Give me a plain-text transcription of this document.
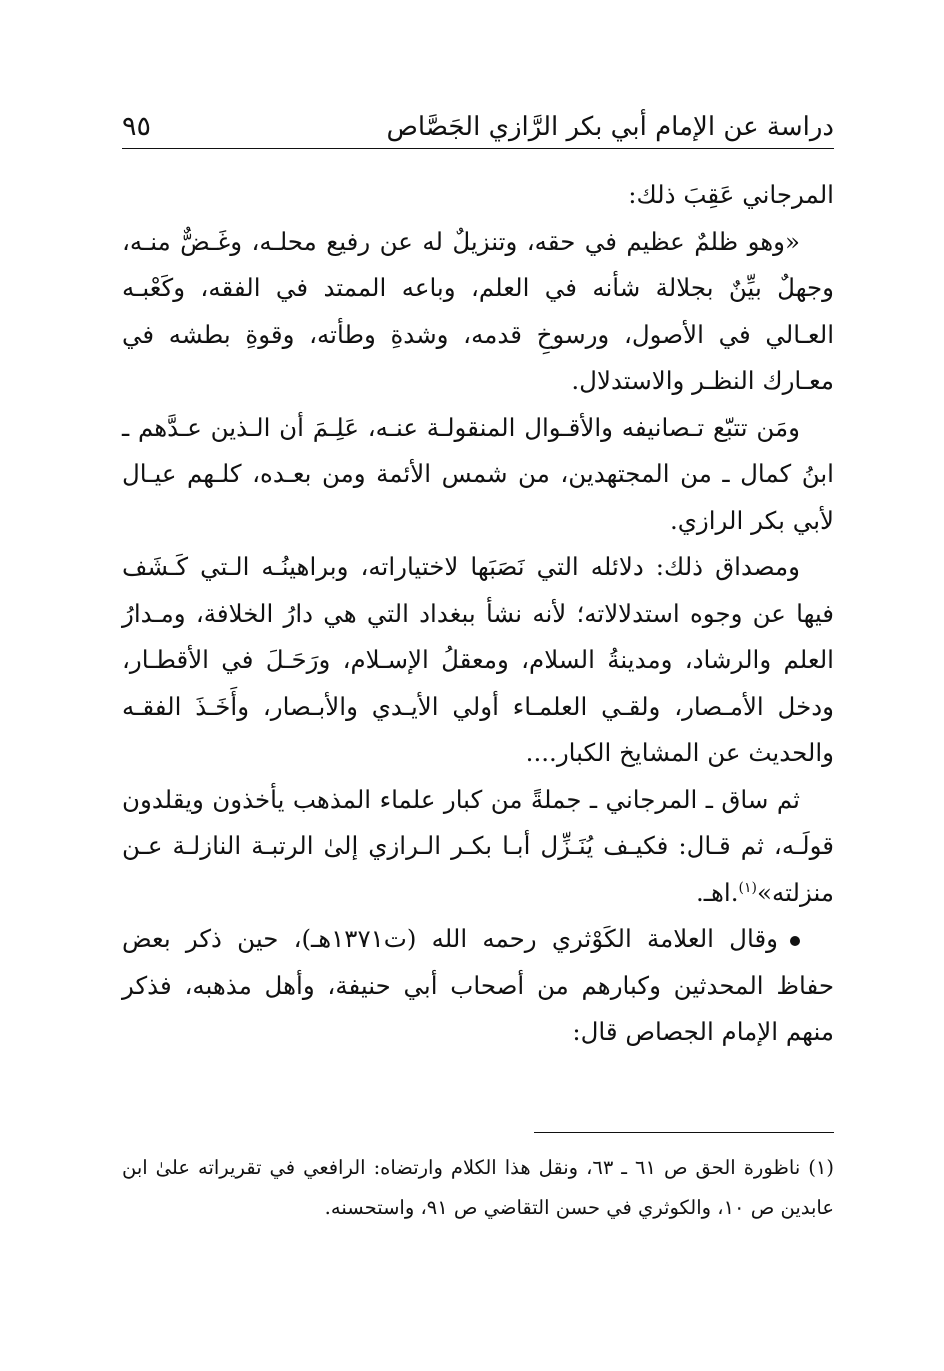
دراسة عن الإمام أبي بكر الرَّازي الجَصَّاص
٩٥

المرجاني عَقِبَ ذلك:

«وهو ظلمٌ عظيم في حقه، وتنزيلٌ له عن رفيع محلـه، وغَـضٌّ منـه، وجهلٌ بيِّنٌ بجلالة شأنه في العلم، وباعه الممتد في الفقه، وكَعْبـه العـالي في الأصول، ورسوخِ قدمه، وشدةِ وطأته، وقوةِ بطشه في معـارك النظـر والاستدلال.

ومَن تتبّع تـصانيفه والأقـوال المنقولـة عنـه، عَلِـمَ أن الـذين عـدَّهم ـ ابنُ كمال ـ من المجتهدين، من شمس الأئمة ومن بعـده، كلـهم عيـال لأبي بكر الرازي.

ومصداق ذلك: دلائله التي نَصَبَها لاختياراته، وبراهينُـه الـتي كَـشَف فيها عن وجوه استدلالاته؛ لأنه نشأ ببغداد التي هي دارُ الخلافة، ومـدارُ العلم والرشاد، ومدينةُ السلام، ومعقلُ الإسـلام، ورَحَـلَ في الأقطـار، ودخل الأمـصار، ولقـي العلمـاء أولي الأيـدي والأبـصار، وأَخَـذَ الفقـه والحديث عن المشايخ الكبار....

ثم ساق ـ المرجاني ـ جملةً من كبار علماء المذهب يأخذون ويقلدون قولَـه، ثم قـال: فكيـف يُنَـزِّل أبـا بكـر الـرازي إلىٰ الرتبـة النازلـة عـن منزلته»$^{(١)}$.اهـ.

وقال العلامة الكَوْثري رحمه الله (ت١٣٧١هـ)، حين ذكر بعض حفاظ المحدثين وكبارهم من أصحاب أبي حنيفة، وأهل مذهبه، فذكر منهم الإمام الجصاص قال:

(١) ناظورة الحق ص ٦١ ـ ٦٣، ونقل هذا الكلام وارتضاه: الرافعي في تقريراته علىٰ ابن عابدين ص ١٠، والكوثري في حسن التقاضي ص ٩١، واستحسنه.
